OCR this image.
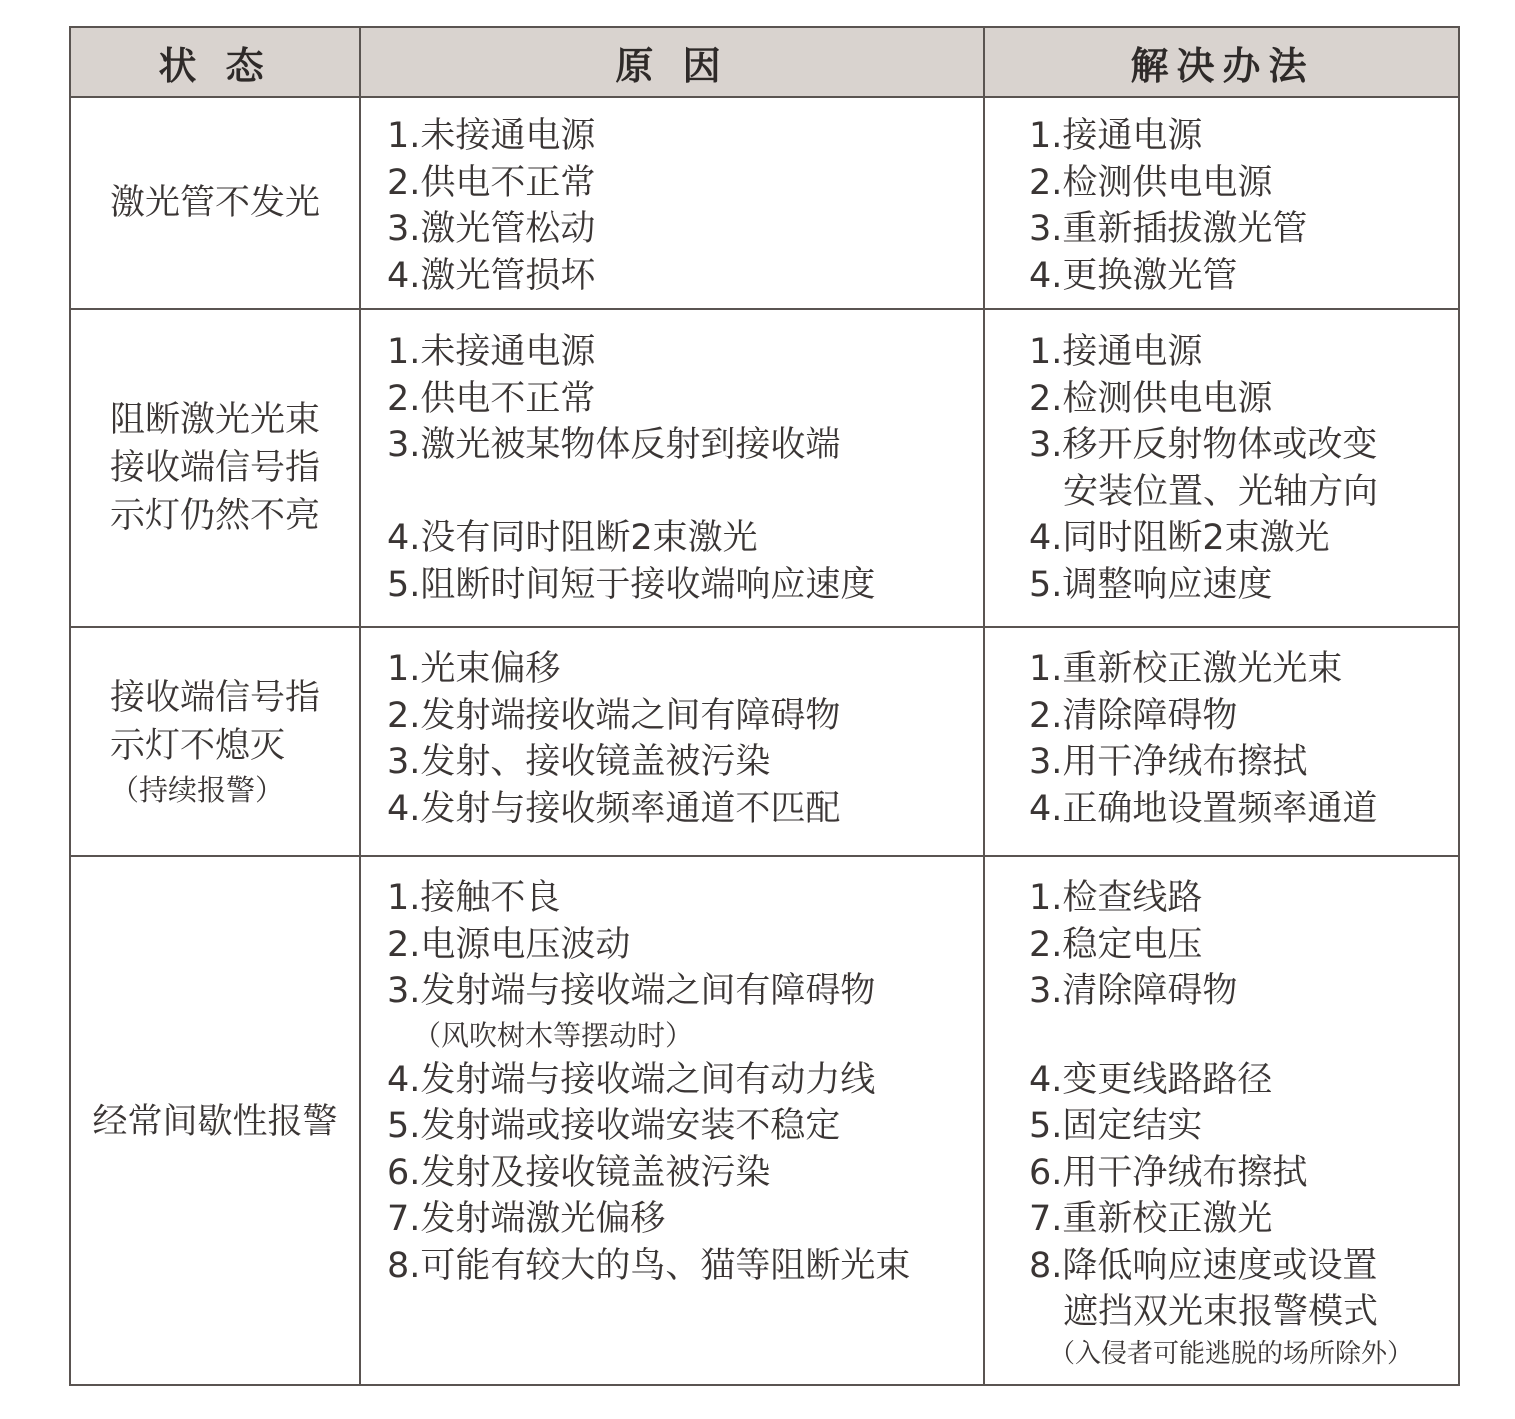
状 态	原 因	解决办法
激光管不发光
1.未接通电源
2.供电不正常
3.激光管松动
4.激光管损坏
1.接通电源
2.检测供电电源
3.重新插拔激光管
4.更换激光管
阻断激光光束
接收端信号指
示灯仍然不亮
1.未接通电源
2.供电不正常
3.激光被某物体反射到接收端
4.没有同时阻断2束激光
5.阻断时间短于接收端响应速度
1.接通电源
2.检测供电电源
3.移开反射物体或改变
安装位置、光轴方向
4.同时阻断2束激光
5.调整响应速度
接收端信号指
示灯不熄灭
（持续报警）
1.光束偏移
2.发射端接收端之间有障碍物
3.发射、接收镜盖被污染
4.发射与接收频率通道不匹配
1.重新校正激光光束
2.清除障碍物
3.用干净绒布擦拭
4.正确地设置频率通道
经常间歇性报警
1.接触不良
2.电源电压波动
3.发射端与接收端之间有障碍物
（风吹树木等摆动时）
4.发射端与接收端之间有动力线
5.发射端或接收端安装不稳定
6.发射及接收镜盖被污染
7.发射端激光偏移
8.可能有较大的鸟、猫等阻断光束
1.检查线路
2.稳定电压
3.清除障碍物
4.变更线路路径
5.固定结实
6.用干净绒布擦拭
7.重新校正激光
8.降低响应速度或设置
遮挡双光束报警模式
（入侵者可能逃脱的场所除外）
